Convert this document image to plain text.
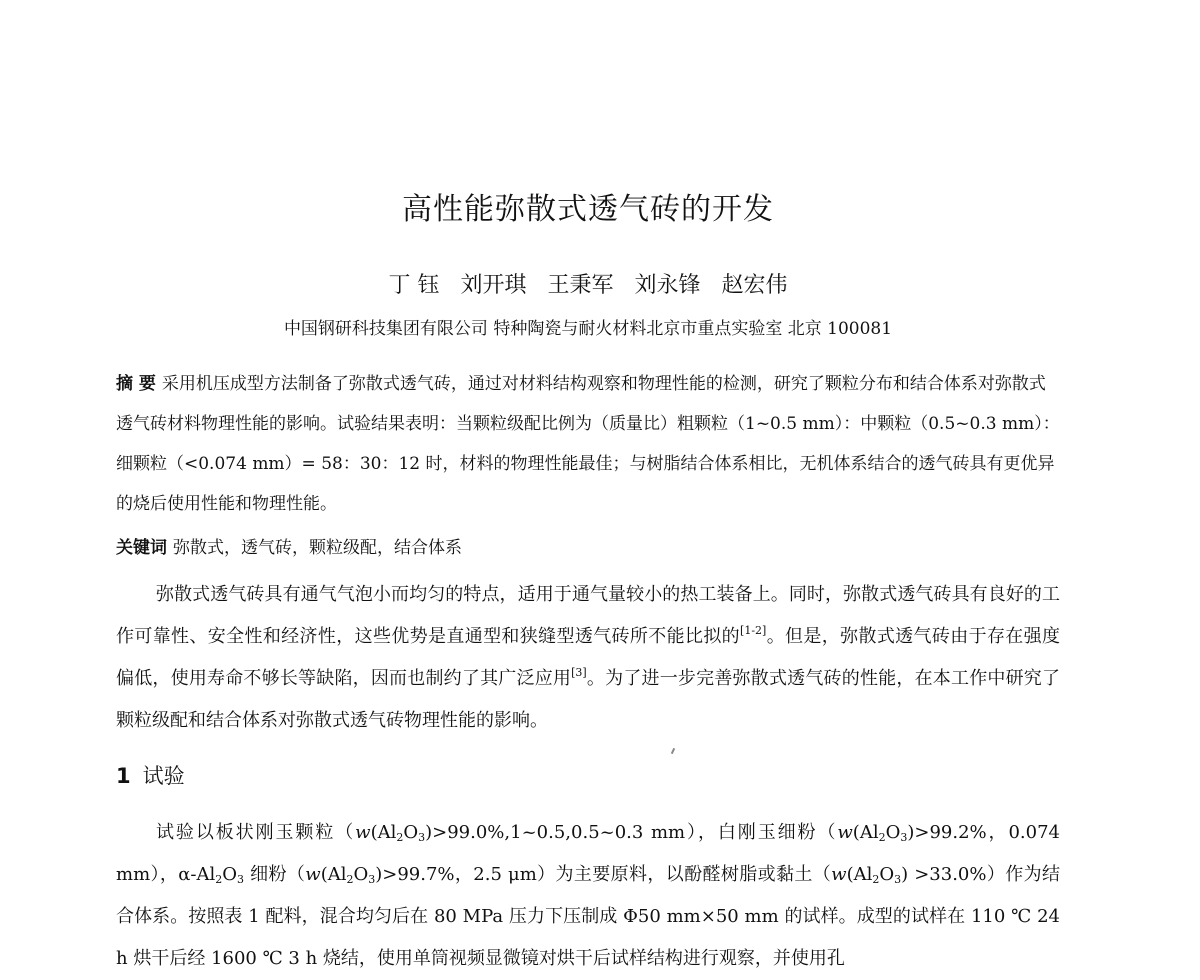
高性能弥散式透气砖的开发
丁 钰   刘开琪   王秉军   刘永锋   赵宏伟
中国钢研科技集团有限公司 特种陶瓷与耐火材料北京市重点实验室 北京 100081
摘 要 采用机压成型方法制备了弥散式透气砖，通过对材料结构观察和物理性能的检测，研究了颗粒分布和结合体系对弥散式透气砖材料物理性能的影响。试验结果表明：当颗粒级配比例为（质量比）粗颗粒（1~0.5 mm）：中颗粒（0.5~0.3 mm）：细颗粒（<0.074 mm）= 58：30：12 时，材料的物理性能最佳；与树脂结合体系相比，无机体系结合的透气砖具有更优异的烧后使用性能和物理性能。
关键词 弥散式，透气砖，颗粒级配，结合体系
弥散式透气砖具有通气气泡小而均匀的特点，适用于通气量较小的热工装备上。同时，弥散式透气砖具有良好的工作可靠性、安全性和经济性，这些优势是直通型和狭缝型透气砖所不能比拟的[1-2]。但是，弥散式透气砖由于存在强度偏低，使用寿命不够长等缺陷，因而也制约了其广泛应用[3]。为了进一步完善弥散式透气砖的性能，在本工作中研究了颗粒级配和结合体系对弥散式透气砖物理性能的影响。
1 试验
试验以板状刚玉颗粒（$w(Al_2O_3)>99.0\%,1\sim 0.5,0.5\sim 0.3$ mm），白刚玉细粉（$w(Al_2O_3)>99.2\%$，0.074 mm），$\alpha-Al_2O_3$ 细粉（$w(Al_2O_3)>99.7\%$，2.5 μm）为主要原料，以酚醛树脂或黏土$(w(Al_2O_3) >33.0\%)$作为结合体系。按照表 1 配料，混合均匀后在 80 MPa 压力下压制成 Φ50 mm×50 mm 的试样。成型的试样在 110 ℃ 24 h 烘干后经 1600 ℃ 3 h 烧结，使用单筒视频显微镜对烘干后试样结构进行观察，并使用孔
